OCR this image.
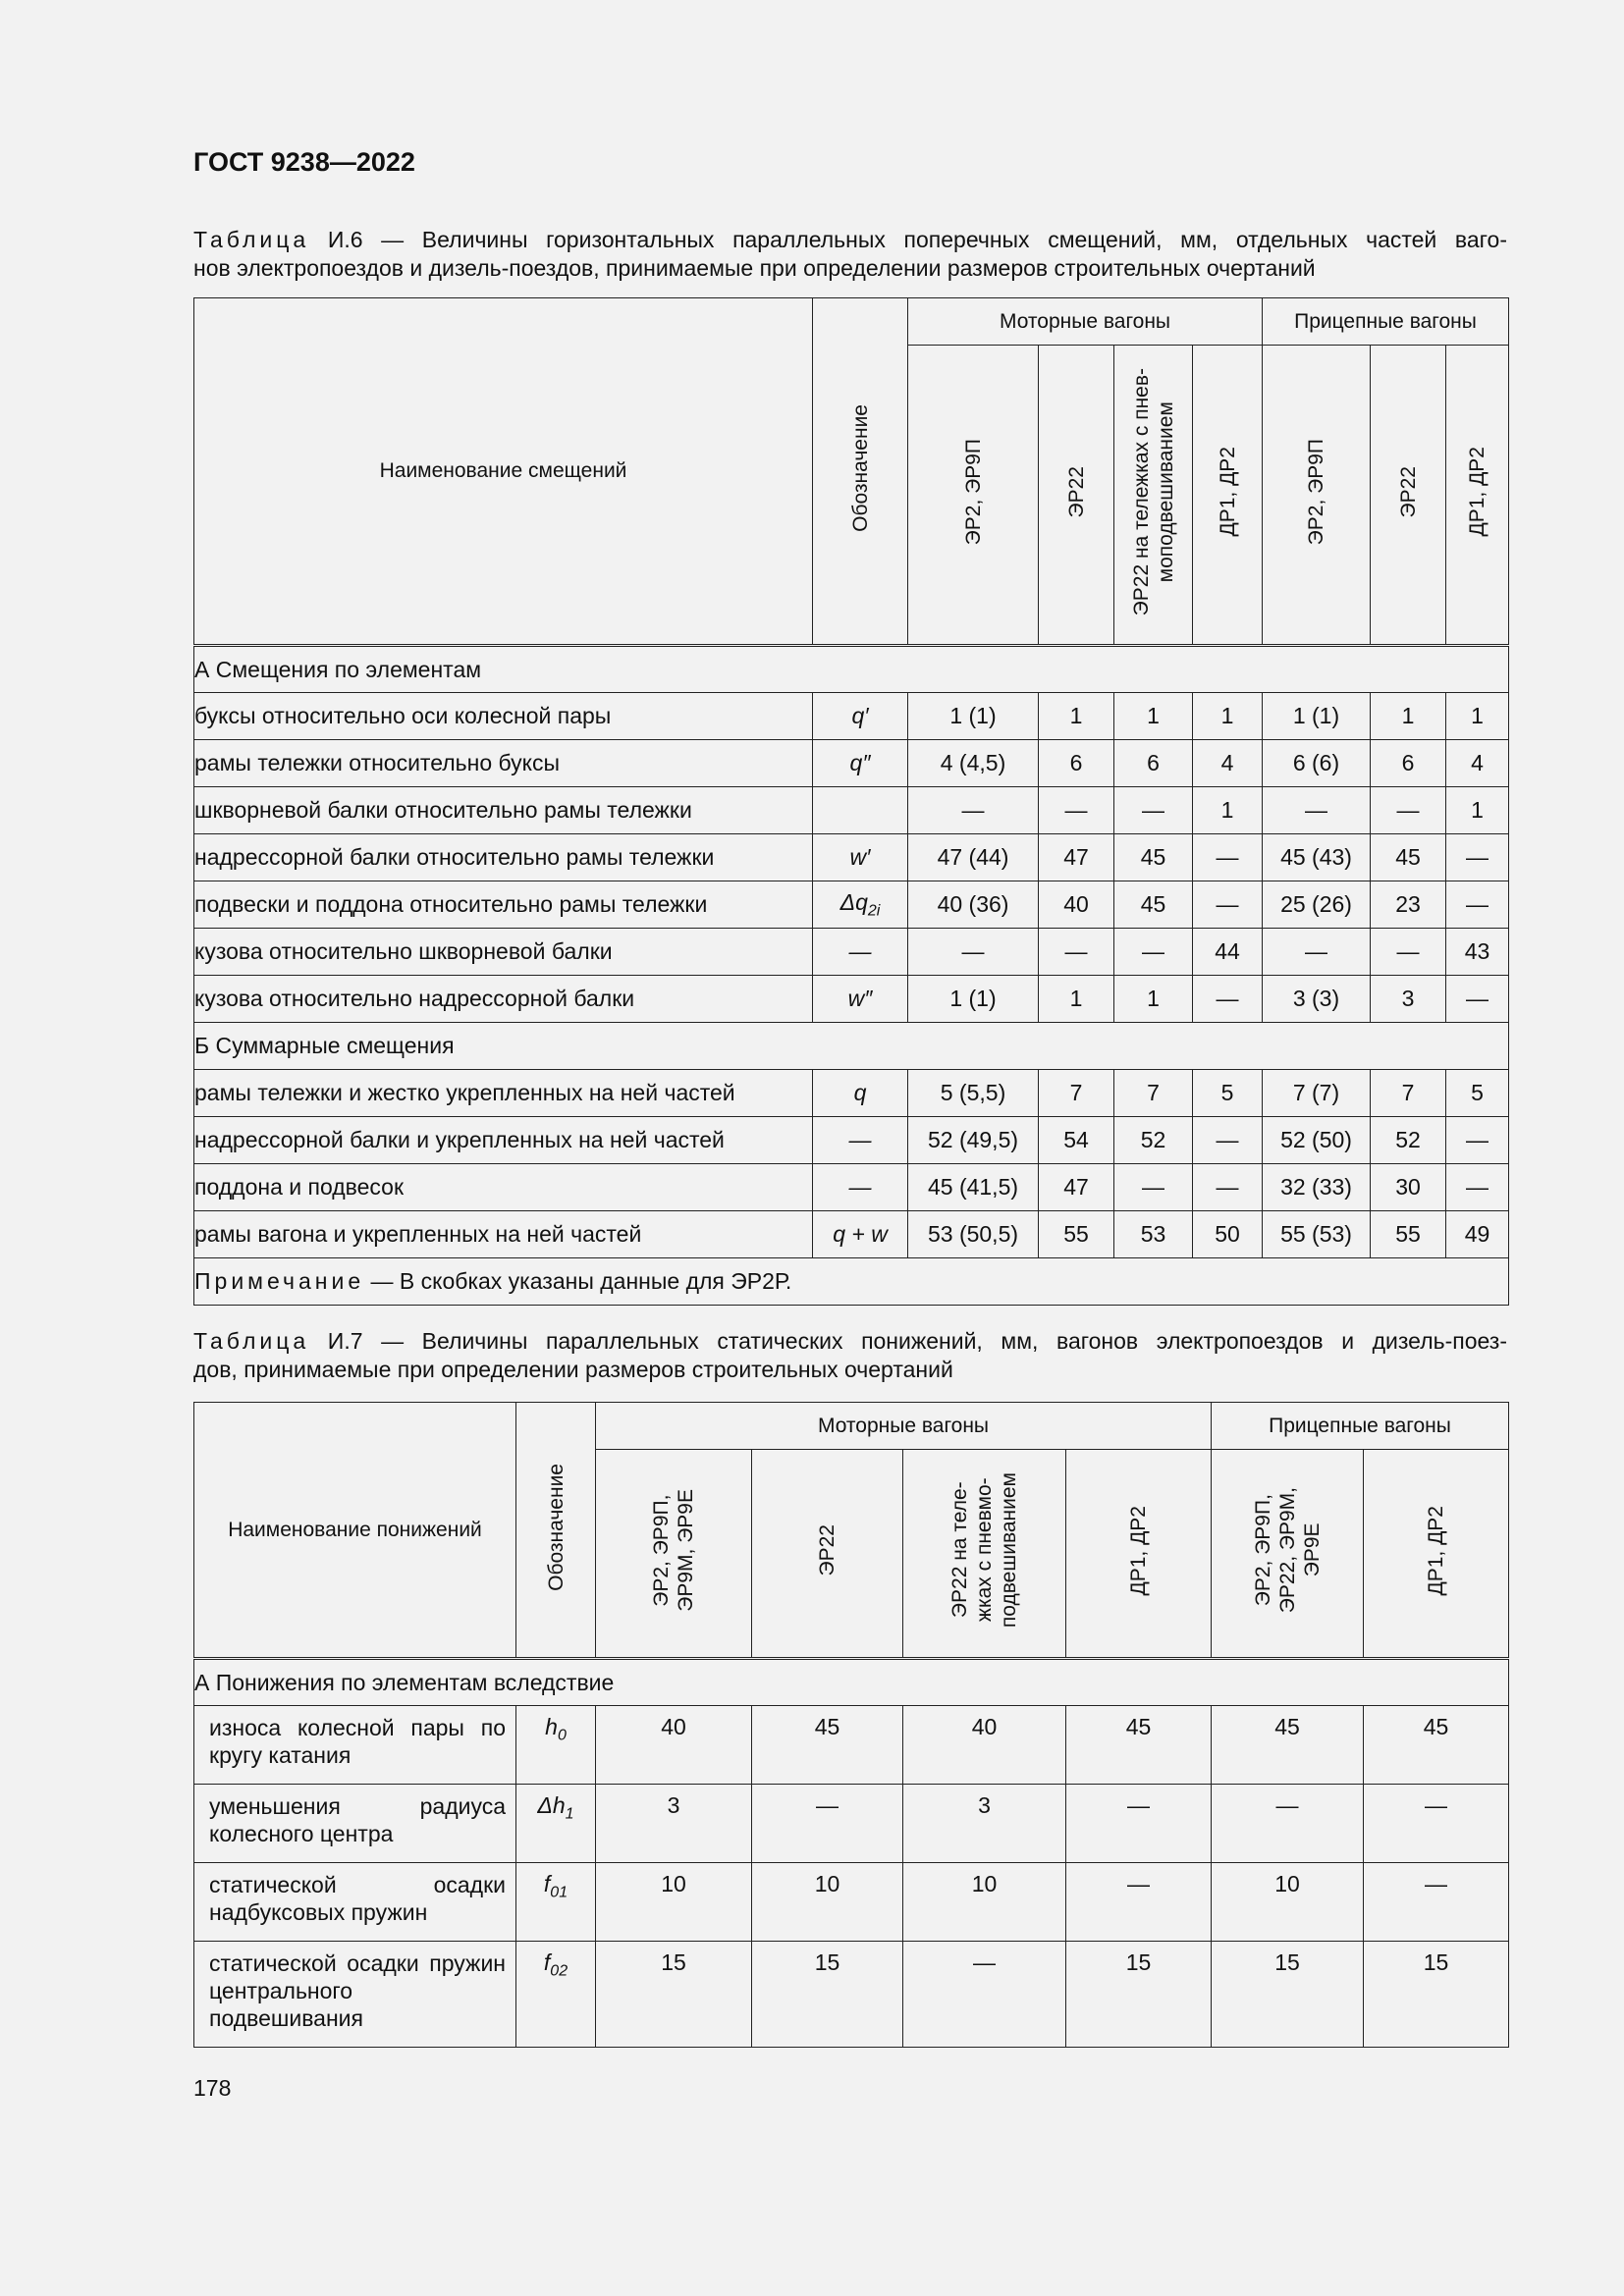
ГОСТ 9238—2022
Таблица И.6 — Величины горизонтальных параллельных поперечных смещений, мм, отдельных частей ваго-
нов электропоездов и дизель-поездов, принимаемые при определении размеров строительных очертаний
Наименование смещений	Обозначение	Моторные вагоны				Прицепные вагоны		
		ЭР2, ЭР9П	ЭР22	ЭР22 на тележках с пнев-
моподвешиванием	ДР1, ДР2	ЭР2, ЭР9П	ЭР22	ДР1, ДР2
А Смещения по элементам								
буксы относительно оси колесной пары	q′	1 (1)	1	1	1	1 (1)	1	1
рамы тележки относительно буксы	q″	4 (4,5)	6	6	4	6 (6)	6	4
шкворневой балки относительно рамы тележки		—	—	—	1	—	—	1
надрессорной балки относительно рамы тележки	w′	47 (44)	47	45	—	45 (43)	45	—
подвески и поддона относительно рамы тележки	$\Delta q_{2i}$	40 (36)	40	45	—	25 (26)	23	—
кузова относительно шкворневой балки	—	—	—	—	44	—	—	43
кузова относительно надрессорной балки	w″	1 (1)	1	1	—	3 (3)	3	—
Б Суммарные смещения								
рамы тележки и жестко укрепленных на ней частей	q	5 (5,5)	7	7	5	7 (7)	7	5
надрессорной балки и укрепленных на ней частей	—	52 (49,5)	54	52	—	52 (50)	52	—
поддона и подвесок	—	45 (41,5)	47	—	—	32 (33)	30	—
рамы вагона и укрепленных на ней частей	q + w	53 (50,5)	55	53	50	55 (53)	55	49
Примечание — В скобках указаны данные для ЭР2Р.								
Таблица И.7 — Величины параллельных статических понижений, мм, вагонов электропоездов и дизель-поез-
дов, принимаемые при определении размеров строительных очертаний
Наименование понижений	Обозначение	Моторные вагоны				Прицепные вагоны	
		ЭР2, ЭР9П,
ЭР9М, ЭР9Е	ЭР22	ЭР22 на теле-
жках с пневмо-
подвешиванием	ДР1, ДР2	ЭР2, ЭР9П,
ЭР22, ЭР9М,
ЭР9Е	ДР1, ДР2
А Понижения по элементам вследствие							
износа колесной пары по кругу катания	$h_0$	40	45	40	45	45	45
уменьшения радиуса колесного центра	$\Delta h_1$	3	—	3	—	—	—
статической осадки надбуксовых пружин	$f_{01}$	10	10	10	—	10	—
статической осадки пружин центрального подвешивания	$f_{02}$	15	15	—	15	15	15
178
